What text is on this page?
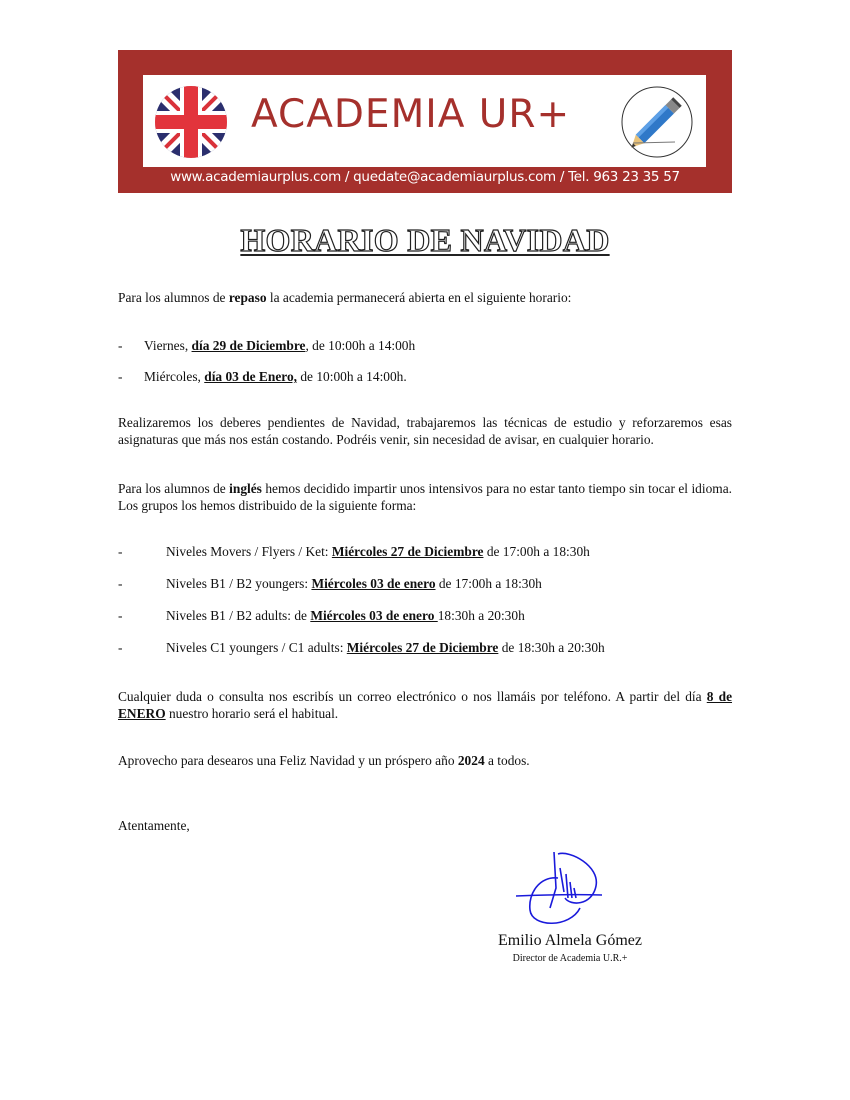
ACADEMIA UR+
www.academiaurplus.com / quedate@academiaurplus.com / Tel. 963 23 35 57
HORARIO DE NAVIDAD
Para los alumnos de repaso la academia permanecerá abierta en el siguiente horario:
- Viernes, día 29 de Diciembre, de 10:00h a 14:00h
- Miércoles, día 03 de Enero, de 10:00h a 14:00h.
Realizaremos los deberes pendientes de Navidad, trabajaremos las técnicas de estudio y reforzaremos esas asignaturas que más nos están costando. Podréis venir, sin necesidad de avisar, en cualquier horario.
Para los alumnos de inglés hemos decidido impartir unos intensivos para no estar tanto tiempo sin tocar el idioma. Los grupos los hemos distribuido de la siguiente forma:
-	Niveles Movers / Flyers / Ket: Miércoles 27 de Diciembre de 17:00h a 18:30h
-	Niveles B1 / B2 youngers: Miércoles 03 de enero de 17:00h a 18:30h
-	Niveles B1 / B2 adults: de Miércoles 03 de enero 18:30h a 20:30h
-	Niveles C1 youngers / C1 adults: Miércoles 27 de Diciembre de 18:30h a 20:30h
Cualquier duda o consulta nos escribís un correo electrónico o nos llamáis por teléfono. A partir del día 8 de ENERO nuestro horario será el habitual.
Aprovecho para desearos una Feliz Navidad y un próspero año 2024 a todos.
Atentamente,
Emilio Almela Gómez
Director de Academia U.R.+
